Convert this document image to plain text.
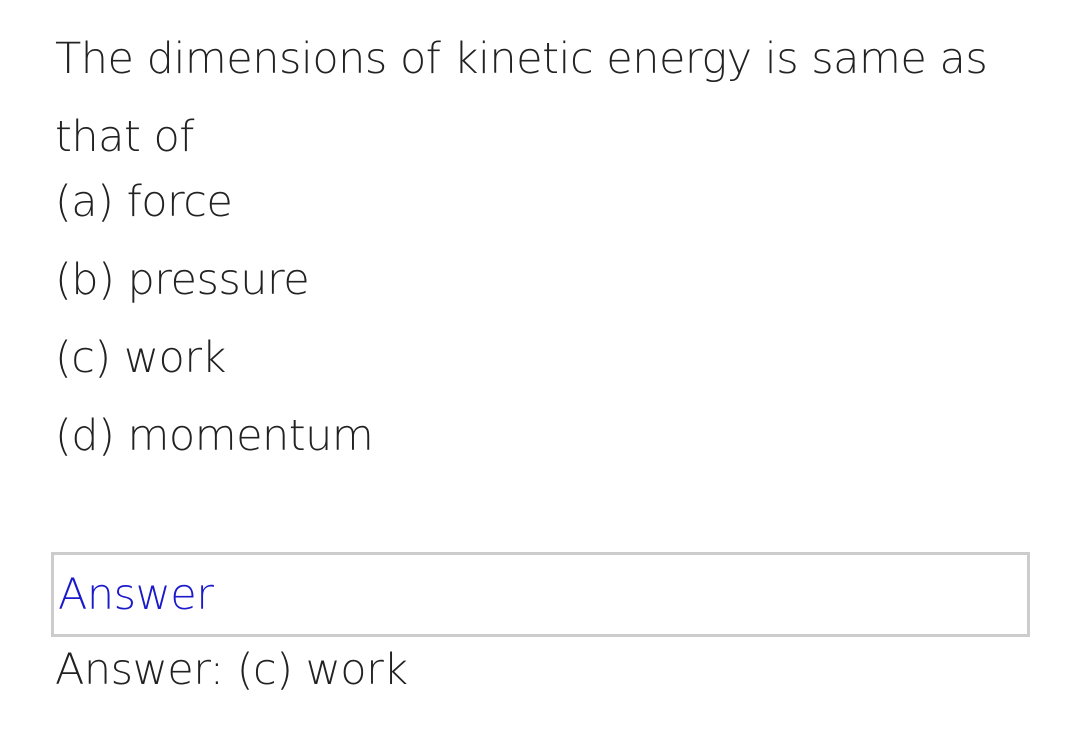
The dimensions of kinetic energy is same as

that of

(a) force
(b) pressure
(c) work
(d) momentum
Answer
Answer: (c) work
